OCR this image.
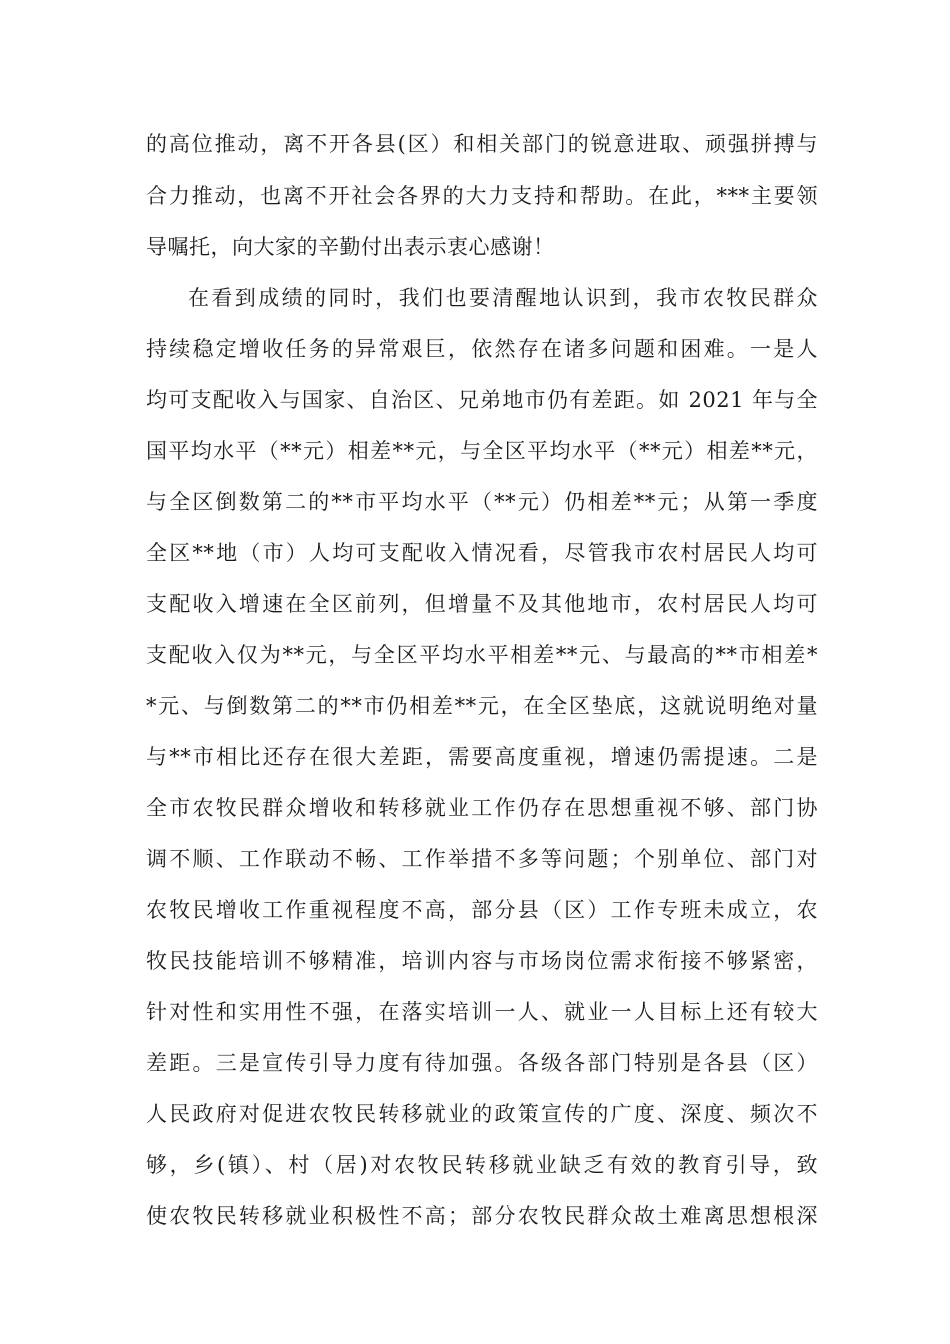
的高位推动，离不开各县(区）和相关部门的锐意进取、顽强拼搏与
合力推动，也离不开社会各界的大力支持和帮助。在此，***主要领
导嘱托，向大家的辛勤付出表示衷心感谢！
在看到成绩的同时，我们也要清醒地认识到，我市农牧民群众
持续稳定增收任务的异常艰巨，依然存在诸多问题和困难。一是人
均可支配收入与国家、自治区、兄弟地市仍有差距。如 2021 年与全
国平均水平（**元）相差**元，与全区平均水平（**元）相差**元，
与全区倒数第二的**市平均水平（**元）仍相差**元；从第一季度
全区**地（市）人均可支配收入情况看，尽管我市农村居民人均可
支配收入增速在全区前列，但增量不及其他地市，农村居民人均可
支配收入仅为**元，与全区平均水平相差**元、与最高的**市相差*
*元、与倒数第二的**市仍相差**元，在全区垫底，这就说明绝对量
与**市相比还存在很大差距，需要高度重视，增速仍需提速。二是
全市农牧民群众增收和转移就业工作仍存在思想重视不够、部门协
调不顺、工作联动不畅、工作举措不多等问题；个别单位、部门对
农牧民增收工作重视程度不高，部分县（区）工作专班未成立，农
牧民技能培训不够精准，培训内容与市场岗位需求衔接不够紧密，
针对性和实用性不强，在落实培训一人、就业一人目标上还有较大
差距。三是宣传引导力度有待加强。各级各部门特别是各县（区）
人民政府对促进农牧民转移就业的政策宣传的广度、深度、频次不
够，乡(镇）、村（居)对农牧民转移就业缺乏有效的教育引导，致
使农牧民转移就业积极性不高；部分农牧民群众故土难离思想根深
